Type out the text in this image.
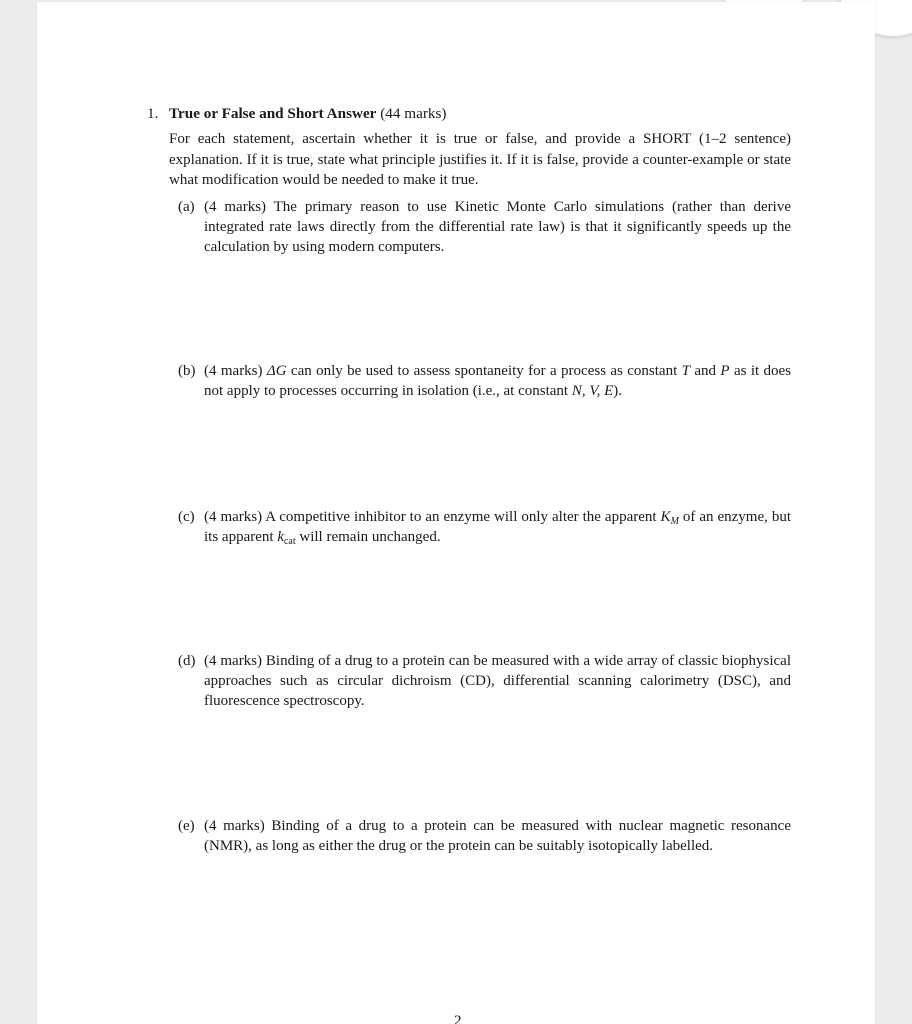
1. True or False and Short Answer (44 marks)
For each statement, ascertain whether it is true or false, and provide a SHORT (1–2 sentence) explanation. If it is true, state what principle justifies it. If it is false, provide a counter-example or state what modification would be needed to make it true.
(a) (4 marks) The primary reason to use Kinetic Monte Carlo simulations (rather than derive integrated rate laws directly from the differential rate law) is that it significantly speeds up the calculation by using modern computers.
(b) (4 marks) ΔG can only be used to assess spontaneity for a process as constant T and P as it does not apply to processes occurring in isolation (i.e., at constant N, V, E).
(c) (4 marks) A competitive inhibitor to an enzyme will only alter the apparent $K_M$ of an enzyme, but its apparent $k_{cat}$ will remain unchanged.
(d) (4 marks) Binding of a drug to a protein can be measured with a wide array of classic biophysical approaches such as circular dichroism (CD), differential scanning calorimetry (DSC), and fluorescence spectroscopy.
(e) (4 marks) Binding of a drug to a protein can be measured with nuclear magnetic resonance (NMR), as long as either the drug or the protein can be suitably isotopically labelled.
2
